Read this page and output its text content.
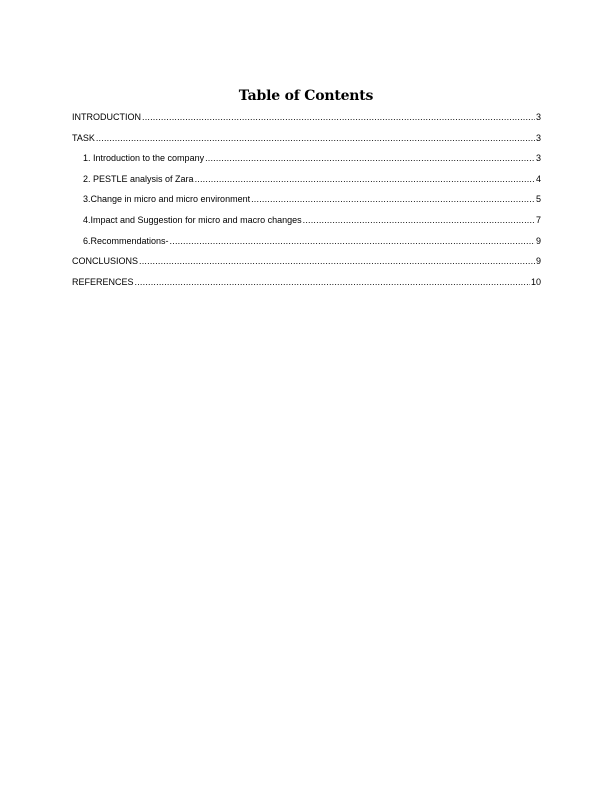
Table of Contents
INTRODUCTION .....	3
TASK .....	3
1. Introduction to the company .....	3
2. PESTLE analysis of Zara .....	4
3.Change in micro and micro environment .....	5
4.Impact and Suggestion for micro and macro changes .....	7
6.Recommendations- .....	9
CONCLUSIONS .....	9
REFERENCES .....	10
